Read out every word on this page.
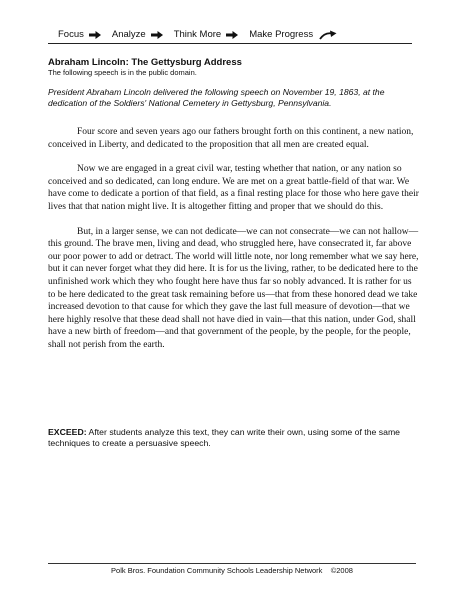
Focus	Analyze	Think More	Make Progress
Abraham Lincoln: The Gettysburg Address
The following speech is in the public domain.
President Abraham Lincoln delivered the following speech on November 19, 1863, at the dedication of the Soldiers' National Cemetery in Gettysburg, Pennsylvania.

Four score and seven years ago our fathers brought forth on this continent, a new nation, conceived in Liberty, and dedicated to the proposition that all men are created equal.

Now we are engaged in a great civil war, testing whether that nation, or any nation so conceived and so dedicated, can long endure. We are met on a great battle-field of that war. We have come to dedicate a portion of that field, as a final resting place for those who here gave their lives that that nation might live. It is altogether fitting and proper that we should do this.

But, in a larger sense, we can not dedicate—we can not consecrate—we can not hallow—this ground. The brave men, living and dead, who struggled here, have consecrated it, far above our poor power to add or detract. The world will little note, nor long remember what we say here, but it can never forget what they did here. It is for us the living, rather, to be dedicated here to the unfinished work which they who fought here have thus far so nobly advanced. It is rather for us to be here dedicated to the great task remaining before us—that from these honored dead we take increased devotion to that cause for which they gave the last full measure of devotion—that we here highly resolve that these dead shall not have died in vain—that this nation, under God, shall have a new birth of freedom—and that government of the people, by the people, for the people, shall not perish from the earth.

EXCEED: After students analyze this text, they can write their own, using some of the same techniques to create a persuasive speech.
Polk Bros. Foundation Community Schools Leadership Network    ©2008
